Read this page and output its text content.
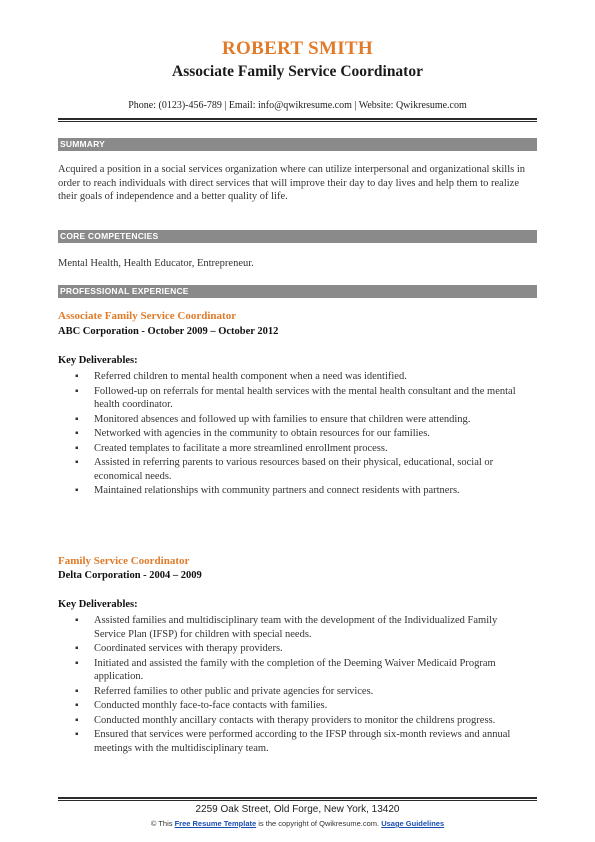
ROBERT SMITH
Associate Family Service Coordinator
Phone: (0123)-456-789 | Email: info@qwikresume.com | Website: Qwikresume.com
SUMMARY
Acquired a position in a social services organization where can utilize interpersonal and organizational skills in order to reach individuals with direct services that will improve their day to day lives and help them to realize their goals of independence and a better quality of life.
CORE COMPETENCIES
Mental Health, Health Educator, Entrepreneur.
PROFESSIONAL EXPERIENCE
Associate Family Service Coordinator
ABC Corporation - October 2009 – October 2012
Key Deliverables:
▪ Referred children to mental health component when a need was identified.
▪ Followed-up on referrals for mental health services with the mental health consultant and the mental health coordinator.
▪ Monitored absences and followed up with families to ensure that children were attending.
▪ Networked with agencies in the community to obtain resources for our families.
▪ Created templates to facilitate a more streamlined enrollment process.
▪ Assisted in referring parents to various resources based on their physical, educational, social or economical needs.
▪ Maintained relationships with community partners and connect residents with partners.
Family Service Coordinator
Delta Corporation - 2004 – 2009
Key Deliverables:
▪ Assisted families and multidisciplinary team with the development of the Individualized Family Service Plan (IFSP) for children with special needs.
▪ Coordinated services with therapy providers.
▪ Initiated and assisted the family with the completion of the Deeming Waiver Medicaid Program application.
▪ Referred families to other public and private agencies for services.
▪ Conducted monthly face-to-face contacts with families.
▪ Conducted monthly ancillary contacts with therapy providers to monitor the childrens progress.
▪ Ensured that services were performed according to the IFSP through six-month reviews and annual meetings with the multidisciplinary team.
2259 Oak Street, Old Forge, New York, 13420
© This Free Resume Template is the copyright of Qwikresume.com. Usage Guidelines
